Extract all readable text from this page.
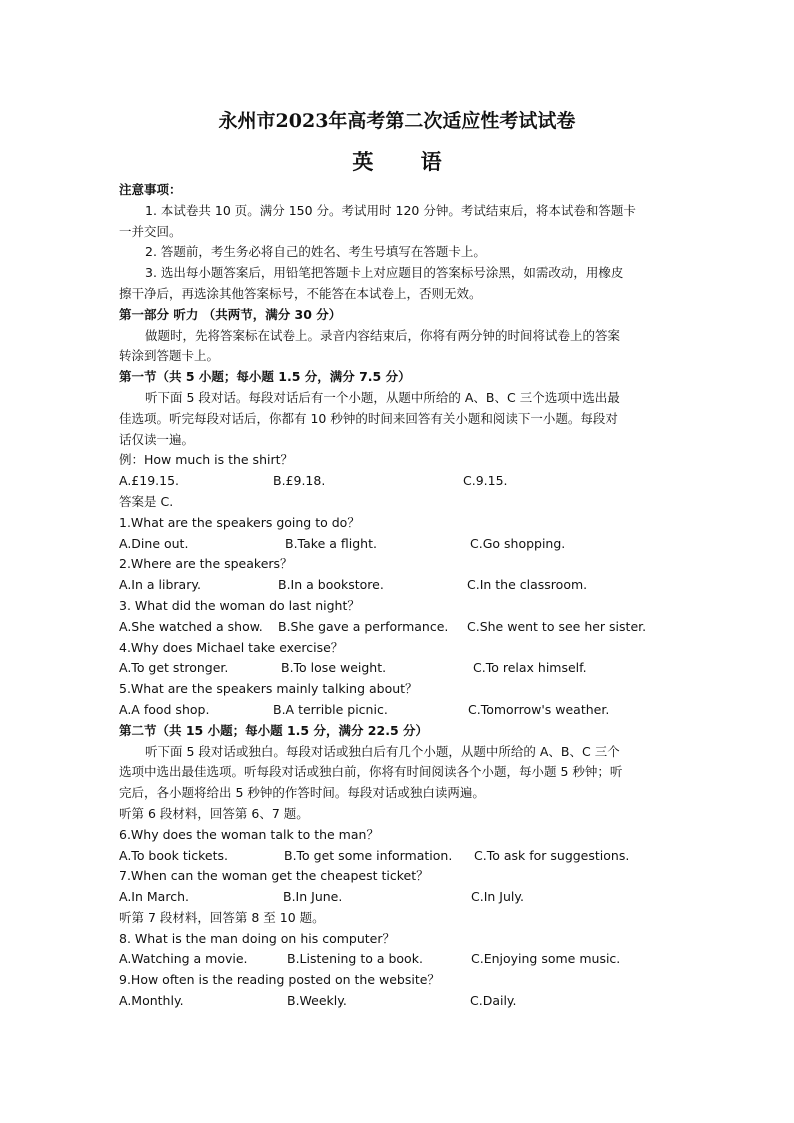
永州市2023年高考第二次适应性考试试卷
英 语
注意事项：
1. 本试卷共 10 页。满分 150 分。考试用时 120 分钟。考试结束后，将本试卷和答题卡
一并交回。
2. 答题前，考生务必将自己的姓名、考生号填写在答题卡上。
3. 选出每小题答案后，用铅笔把答题卡上对应题目的答案标号涂黑，如需改动，用橡皮
擦干净后，再选涂其他答案标号，不能答在本试卷上，否则无效。
第一部分 听力 （共两节，满分 30 分）
做题时，先将答案标在试卷上。录音内容结束后，你将有两分钟的时间将试卷上的答案
转涂到答题卡上。
第一节（共 5 小题；每小题 1.5 分，满分 7.5 分）
听下面 5 段对话。每段对话后有一个小题，从题中所给的 A、B、C 三个选项中选出最
佳选项。听完每段对话后，你都有 10 秒钟的时间来回答有关小题和阅读下一小题。每段对
话仅读一遍。
例：How much is the shirt？
A.£19.15.	B.£9.18.	C.9.15.
答案是 C.
1.What are the speakers going to do？
A.Dine out.	B.Take a flight.	C.Go shopping.
2.Where are the speakers？
A.In a library.	B.In a bookstore.	C.In the classroom.
3. What did the woman do last night？
A.She watched a show. B.She gave a performance. C.She went to see her sister.
4.Why does Michael take exercise？
A.To get stronger.	B.To lose weight.	C.To relax himself.
5.What are the speakers mainly talking about？
A.A food shop.	B.A terrible picnic.	C.Tomorrow's weather.
第二节（共 15 小题；每小题 1.5 分，满分 22.5 分）
听下面 5 段对话或独白。每段对话或独白后有几个小题，从题中所给的 A、B、C 三个
选项中选出最佳选项。听每段对话或独白前，你将有时间阅读各个小题，每小题 5 秒钟；听
完后，各小题将给出 5 秒钟的作答时间。每段对话或独白读两遍。
听第 6 段材料，回答第 6、7 题。
6.Why does the woman talk to the man？
A.To book tickets.	B.To get some information. C.To ask for suggestions.
7.When can the woman get the cheapest ticket？
A.In March.	B.In June.	C.In July.
听第 7 段材料，回答第 8 至 10 题。
8. What is the man doing on his computer？
A.Watching a movie.	B.Listening to a book.	C.Enjoying some music.
9.How often is the reading posted on the website？
A.Monthly.	B.Weekly.	C.Daily.
